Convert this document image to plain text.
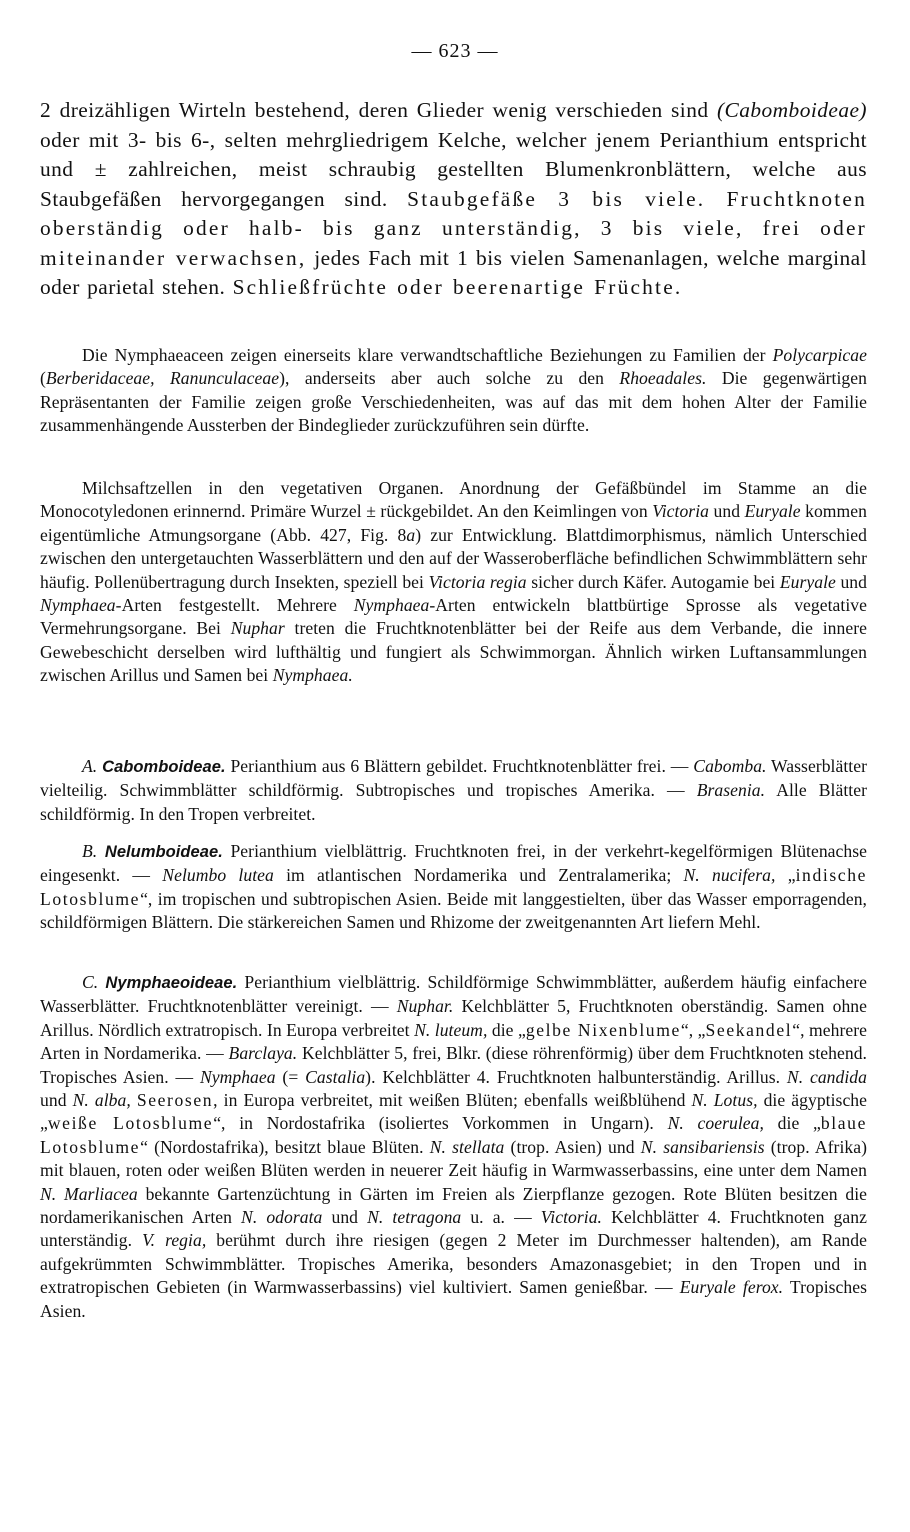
— 623 —

2 dreizähligen Wirteln bestehend, deren Glieder wenig verschieden sind (Cabomboideae) oder mit 3- bis 6-, selten mehrgliedrigem Kelche, welcher jenem Perianthium entspricht und ± zahlreichen, meist schraubig gestellten Blumenkronblättern, welche aus Staubgefäßen hervorgegangen sind. Staubgefäße 3 bis viele. Fruchtknoten oberständig oder halb- bis ganz unterständig, 3 bis viele, frei oder miteinander verwachsen, jedes Fach mit 1 bis vielen Samenanlagen, welche marginal oder parietal stehen. Schließfrüchte oder beerenartige Früchte.

Die Nymphaeaceen zeigen einerseits klare verwandtschaftliche Beziehungen zu Familien der Polycarpicae (Berberidaceae, Ranunculaceae), anderseits aber auch solche zu den Rhoeadales. Die gegenwärtigen Repräsentanten der Familie zeigen große Verschiedenheiten, was auf das mit dem hohen Alter der Familie zusammenhängende Aussterben der Bindeglieder zurückzuführen sein dürfte.

Milchsaftzellen in den vegetativen Organen. Anordnung der Gefäßbündel im Stamme an die Monocotyledonen erinnernd. Primäre Wurzel ± rückgebildet. An den Keimlingen von Victoria und Euryale kommen eigentümliche Atmungsorgane (Abb. 427, Fig. 8a) zur Entwicklung. Blattdimorphismus, nämlich Unterschied zwischen den untergetauchten Wasserblättern und den auf der Wasseroberfläche befindlichen Schwimmblättern sehr häufig. Pollenübertragung durch Insekten, speziell bei Victoria regia sicher durch Käfer. Autogamie bei Euryale und Nymphaea-Arten festgestellt. Mehrere Nymphaea-Arten entwickeln blattbürtige Sprosse als vegetative Vermehrungsorgane. Bei Nuphar treten die Fruchtknotenblätter bei der Reife aus dem Verbande, die innere Gewebeschicht derselben wird lufthältig und fungiert als Schwimmorgan. Ähnlich wirken Luftansammlungen zwischen Arillus und Samen bei Nymphaea.

A. Cabomboideae. Perianthium aus 6 Blättern gebildet. Fruchtknotenblätter frei. — Cabomba. Wasserblätter vielteilig. Schwimmblätter schildförmig. Subtropisches und tropisches Amerika. — Brasenia. Alle Blätter schildförmig. In den Tropen verbreitet.

B. Nelumboideae. Perianthium vielblättrig. Fruchtknoten frei, in der verkehrt-kegelförmigen Blütenachse eingesenkt. — Nelumbo lutea im atlantischen Nordamerika und Zentralamerika; N. nucifera, „indische Lotosblume“, im tropischen und subtropischen Asien. Beide mit langgestielten, über das Wasser emporragenden, schildförmigen Blättern. Die stärkereichen Samen und Rhizome der zweitgenannten Art liefern Mehl.

C. Nymphaeoideae. Perianthium vielblättrig. Schildförmige Schwimmblätter, außerdem häufig einfachere Wasserblätter. Fruchtknotenblätter vereinigt. — Nuphar. Kelchblätter 5, Fruchtknoten oberständig. Samen ohne Arillus. Nördlich extratropisch. In Europa verbreitet N. luteum, die „gelbe Nixenblume“, „Seekandel“, mehrere Arten in Nordamerika. — Barclaya. Kelchblätter 5, frei, Blkr. (diese röhrenförmig) über dem Fruchtknoten stehend. Tropisches Asien. — Nymphaea (= Castalia). Kelchblätter 4. Fruchtknoten halbunterständig. Arillus. N. candida und N. alba, Seerosen, in Europa verbreitet, mit weißen Blüten; ebenfalls weißblühend N. Lotus, die ägyptische „weiße Lotosblume“, in Nordostafrika (isoliertes Vorkommen in Ungarn). N. coerulea, die „blaue Lotosblume“ (Nordostafrika), besitzt blaue Blüten. N. stellata (trop. Asien) und N. sansibariensis (trop. Afrika) mit blauen, roten oder weißen Blüten werden in neuerer Zeit häufig in Warmwasserbassins, eine unter dem Namen N. Marliacea bekannte Gartenzüchtung in Gärten im Freien als Zierpflanze gezogen. Rote Blüten besitzen die nordamerikanischen Arten N. odorata und N. tetragona u. a. — Victoria. Kelchblätter 4. Fruchtknoten ganz unterständig. V. regia, berühmt durch ihre riesigen (gegen 2 Meter im Durchmesser haltenden), am Rande aufgekrümmten Schwimmblätter. Tropisches Amerika, besonders Amazonasgebiet; in den Tropen und in extratropischen Gebieten (in Warmwasserbassins) viel kultiviert. Samen genießbar. — Euryale ferox. Tropisches Asien.
